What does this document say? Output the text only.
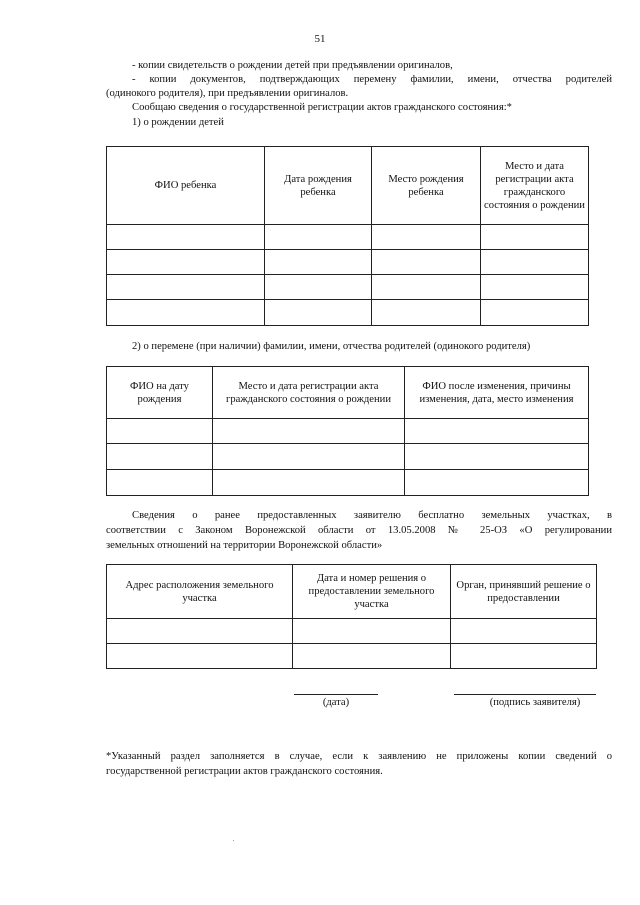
51
- копии свидетельств о рождении детей при предъявлении оригиналов,
- копии документов, подтверждающих перемену фамилии, имени, отчества родителей
(одинокого родителя), при предъявлении оригиналов.
Сообщаю сведения о государственной регистрации актов гражданского состояния:*
1) о рождении детей
ФИО ребенка	Дата рождения ребенка	Место рождения ребенка	Место и дата регистрации акта гражданского состояния о рождении

2) о перемене (при наличии) фамилии, имени, отчества родителей (одинокого родителя)
ФИО на дату рождения	Место и дата регистрации акта гражданского состояния о рождении	ФИО после изменения, причины изменения, дата, место изменения

Сведения о ранее предоставленных заявителю бесплатно земельных участках, в
соответствии с Законом Воронежской области от 13.05.2008 № 25-ОЗ «О регулировании
земельных отношений на территории Воронежской области»
Адрес расположения земельного участка	Дата и номер решения о предоставлении земельного участка	Орган, принявший решение о предоставлении

(дата)	(подпись заявителя)
*Указанный раздел заполняется в случае, если к заявлению не приложены копии сведений о
государственной регистрации актов гражданского состояния.
